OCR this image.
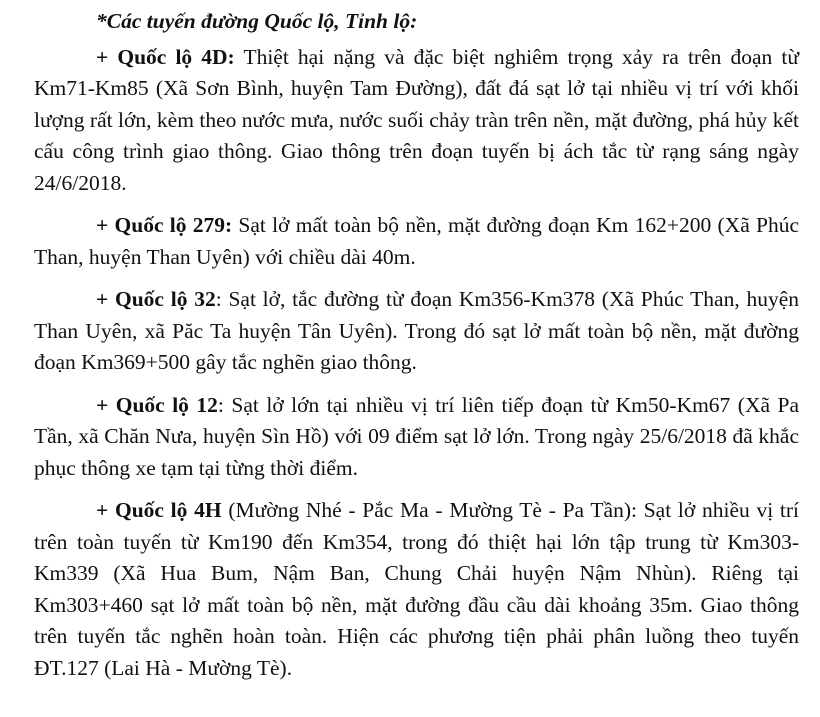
*Các tuyến đường Quốc lộ, Tỉnh lộ:

+ Quốc lộ 4D: Thiệt hại nặng và đặc biệt nghiêm trọng xảy ra trên đoạn từ Km71-Km85 (Xã Sơn Bình, huyện Tam Đường), đất đá sạt lở tại nhiều vị trí với khối lượng rất lớn, kèm theo nước mưa, nước suối chảy tràn trên nền, mặt đường, phá hủy kết cấu công trình giao thông. Giao thông trên đoạn tuyến bị ách tắc từ rạng sáng ngày 24/6/2018.

+ Quốc lộ 279: Sạt lở mất toàn bộ nền, mặt đường đoạn Km 162+200 (Xã Phúc Than, huyện Than Uyên) với chiều dài 40m.

+ Quốc lộ 32: Sạt lở, tắc đường từ đoạn Km356-Km378 (Xã Phúc Than, huyện Than Uyên, xã Păc Ta huyện Tân Uyên). Trong đó sạt lở mất toàn bộ nền, mặt đường đoạn Km369+500 gây tắc nghẽn giao thông.

+ Quốc lộ 12: Sạt lở lớn tại nhiều vị trí liên tiếp đoạn từ Km50-Km67 (Xã Pa Tần, xã Chăn Nưa, huyện Sìn Hồ) với 09 điểm sạt lở lớn. Trong ngày 25/6/2018 đã khắc phục thông xe tạm tại từng thời điểm.

+ Quốc lộ 4H (Mường Nhé - Pắc Ma - Mường Tè - Pa Tần): Sạt lở nhiều vị trí trên toàn tuyến từ Km190 đến Km354, trong đó thiệt hại lớn tập trung từ Km303-Km339 (Xã Hua Bum, Nậm Ban, Chung Chải huyện Nậm Nhùn). Riêng tại Km303+460 sạt lở mất toàn bộ nền, mặt đường đầu cầu dài khoảng 35m. Giao thông trên tuyến tắc nghẽn hoàn toàn. Hiện các phương tiện phải phân luồng theo tuyến ĐT.127 (Lai Hà - Mường Tè).
